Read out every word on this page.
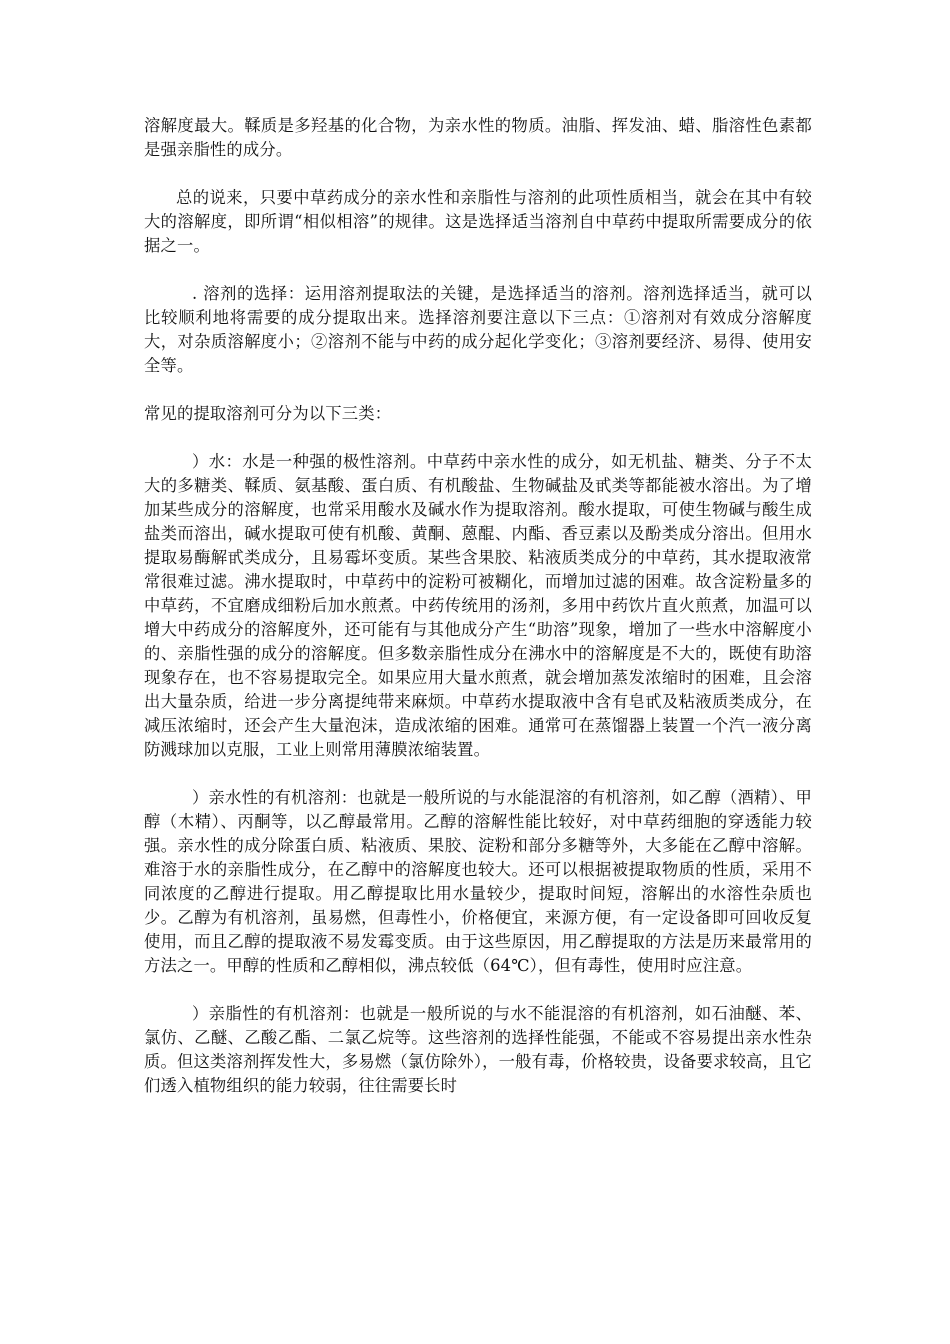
溶解度最大。鞣质是多羟基的化合物，为亲水性的物质。油脂、挥发油、蜡、脂溶性色素都是强亲脂性的成分。

总的说来，只要中草药成分的亲水性和亲脂性与溶剂的此项性质相当，就会在其中有较大的溶解度，即所谓“相似相溶”的规律。这是选择适当溶剂自中草药中提取所需要成分的依据之一。

. 溶剂的选择：运用溶剂提取法的关键，是选择适当的溶剂。溶剂选择适当，就可以比较顺利地将需要的成分提取出来。选择溶剂要注意以下三点：①溶剂对有效成分溶解度大，对杂质溶解度小；②溶剂不能与中药的成分起化学变化；③溶剂要经济、易得、使用安全等。

常见的提取溶剂可分为以下三类：

）水：水是一种强的极性溶剂。中草药中亲水性的成分，如无机盐、糖类、分子不太大的多糖类、鞣质、氨基酸、蛋白质、有机酸盐、生物碱盐及甙类等都能被水溶出。为了增加某些成分的溶解度，也常采用酸水及碱水作为提取溶剂。酸水提取，可使生物碱与酸生成盐类而溶出，碱水提取可使有机酸、黄酮、蒽醌、内酯、香豆素以及酚类成分溶出。但用水提取易酶解甙类成分，且易霉坏变质。某些含果胶、粘液质类成分的中草药，其水提取液常常很难过滤。沸水提取时，中草药中的淀粉可被糊化，而增加过滤的困难。故含淀粉量多的中草药，不宜磨成细粉后加水煎煮。中药传统用的汤剂，多用中药饮片直火煎煮，加温可以增大中药成分的溶解度外，还可能有与其他成分产生“助溶”现象，增加了一些水中溶解度小的、亲脂性强的成分的溶解度。但多数亲脂性成分在沸水中的溶解度是不大的，既使有助溶现象存在，也不容易提取完全。如果应用大量水煎煮，就会增加蒸发浓缩时的困难，且会溶出大量杂质，给进一步分离提纯带来麻烦。中草药水提取液中含有皂甙及粘液质类成分，在减压浓缩时，还会产生大量泡沫，造成浓缩的困难。通常可在蒸馏器上装置一个汽一液分离防溅球加以克服，工业上则常用薄膜浓缩装置。

）亲水性的有机溶剂：也就是一般所说的与水能混溶的有机溶剂，如乙醇（酒精）、甲醇（木精）、丙酮等，以乙醇最常用。乙醇的溶解性能比较好，对中草药细胞的穿透能力较强。亲水性的成分除蛋白质、粘液质、果胶、淀粉和部分多糖等外，大多能在乙醇中溶解。难溶于水的亲脂性成分，在乙醇中的溶解度也较大。还可以根据被提取物质的性质，采用不同浓度的乙醇进行提取。用乙醇提取比用水量较少，提取时间短，溶解出的水溶性杂质也少。乙醇为有机溶剂，虽易燃，但毒性小，价格便宜，来源方便，有一定设备即可回收反复使用，而且乙醇的提取液不易发霉变质。由于这些原因，用乙醇提取的方法是历来最常用的方法之一。甲醇的性质和乙醇相似，沸点较低（64℃），但有毒性，使用时应注意。

）亲脂性的有机溶剂：也就是一般所说的与水不能混溶的有机溶剂，如石油醚、苯、氯仿、乙醚、乙酸乙酯、二氯乙烷等。这些溶剂的选择性能强，不能或不容易提出亲水性杂质。但这类溶剂挥发性大，多易燃（氯仿除外），一般有毒，价格较贵，设备要求较高，且它们透入植物组织的能力较弱，往往需要长时
